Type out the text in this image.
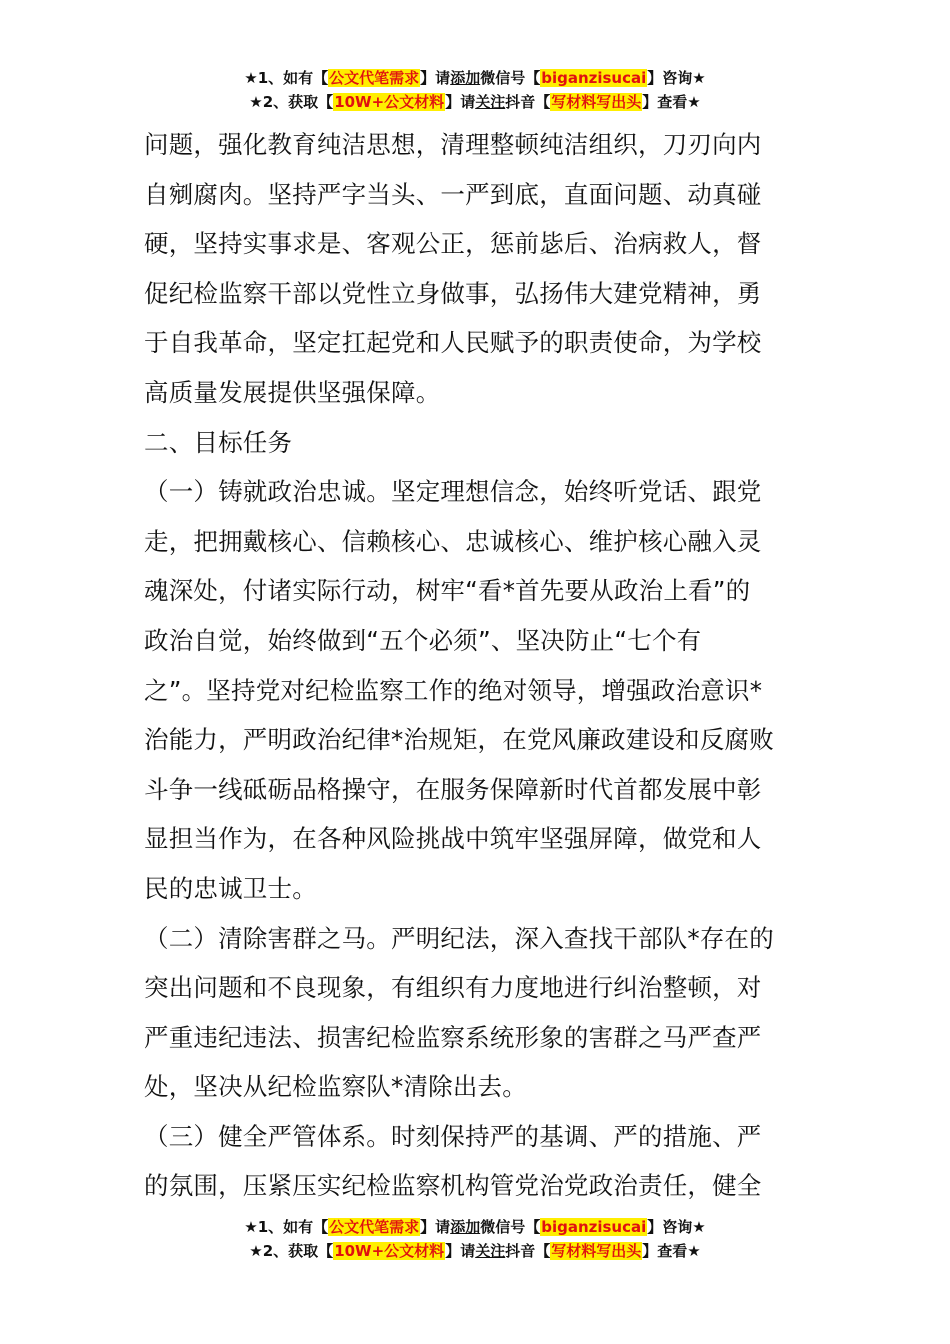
★1、如有【公文代笔需求】请添加微信号【biganzisucai】咨询★
★2、获取【10W+公文材料】请关注抖音【写材料写出头】查看★
问题，强化教育纯洁思想，清理整顿纯洁组织，刀刃向内
自剜腐肉。坚持严字当头、一严到底，直面问题、动真碰
硬，坚持实事求是、客观公正，惩前毖后、治病救人，督
促纪检监察干部以党性立身做事，弘扬伟大建党精神，勇
于自我革命，坚定扛起党和人民赋予的职责使命，为学校
高质量发展提供坚强保障。
二、目标任务
（一）铸就政治忠诚。坚定理想信念，始终听党话、跟党
走，把拥戴核心、信赖核心、忠诚核心、维护核心融入灵
魂深处，付诸实际行动，树牢“看*首先要从政治上看”的
政治自觉，始终做到“五个必须”、坚决防止“七个有
之”。坚持党对纪检监察工作的绝对领导，增强政治意识*
治能力，严明政治纪律*治规矩，在党风廉政建设和反腐败
斗争一线砥砺品格操守，在服务保障新时代首都发展中彰
显担当作为，在各种风险挑战中筑牢坚强屏障，做党和人
民的忠诚卫士。
（二）清除害群之马。严明纪法，深入查找干部队*存在的
突出问题和不良现象，有组织有力度地进行纠治整顿，对
严重违纪违法、损害纪检监察系统形象的害群之马严查严
处，坚决从纪检监察队*清除出去。
（三）健全严管体系。时刻保持严的基调、严的措施、严
的氛围，压紧压实纪检监察机构管党治党政治责任，健全
★1、如有【公文代笔需求】请添加微信号【biganzisucai】咨询★
★2、获取【10W+公文材料】请关注抖音【写材料写出头】查看★
